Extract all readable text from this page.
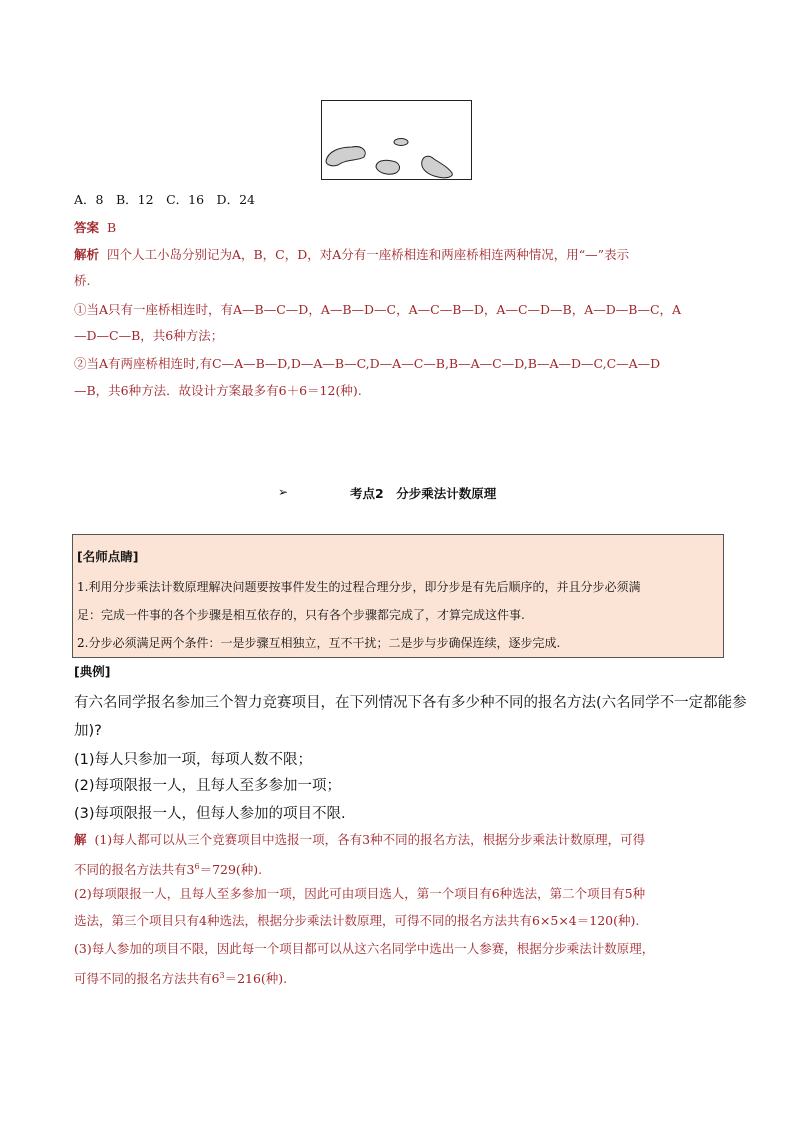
A．8　B．12　C．16　D．24
答案 B
解析 四个人工小岛分别记为A，B，C，D，对A分有一座桥相连和两座桥相连两种情况，用“—”表示
桥.
①当A只有一座桥相连时，有A—B—C—D，A—B—D—C，A—C—B—D，A—C—D—B，A—D—B—C，A
—D—C—B，共6种方法；
②当A有两座桥相连时,有C—A—B—D,D—A—B—C,D—A—C—B,B—A—C—D,B—A—D—C,C—A—D
—B，共6种方法．故设计方案最多有6＋6＝12(种).
➢	考点2　分步乘法计数原理
[名师点睛]
1.利用分步乘法计数原理解决问题要按事件发生的过程合理分步，即分步是有先后顺序的，并且分步必须满
足：完成一件事的各个步骤是相互依存的，只有各个步骤都完成了，才算完成这件事.
2.分步必须满足两个条件：一是步骤互相独立，互不干扰；二是步与步确保连续，逐步完成.
[典例]
有六名同学报名参加三个智力竞赛项目，在下列情况下各有多少种不同的报名方法(六名同学不一定都能参
加)?
(1)每人只参加一项，每项人数不限；
(2)每项限报一人，且每人至多参加一项；
(3)每项限报一人，但每人参加的项目不限.
解 (1)每人都可以从三个竞赛项目中选报一项，各有3种不同的报名方法，根据分步乘法计数原理，可得
不同的报名方法共有$3^6=729$(种).
(2)每项限报一人，且每人至多参加一项，因此可由项目选人，第一个项目有6种选法，第二个项目有5种
选法，第三个项目只有4种选法，根据分步乘法计数原理，可得不同的报名方法共有6×5×4＝120(种).
(3)每人参加的项目不限，因此每一个项目都可以从这六名同学中选出一人参赛，根据分步乘法计数原理，
可得不同的报名方法共有$6^3=216$(种).
